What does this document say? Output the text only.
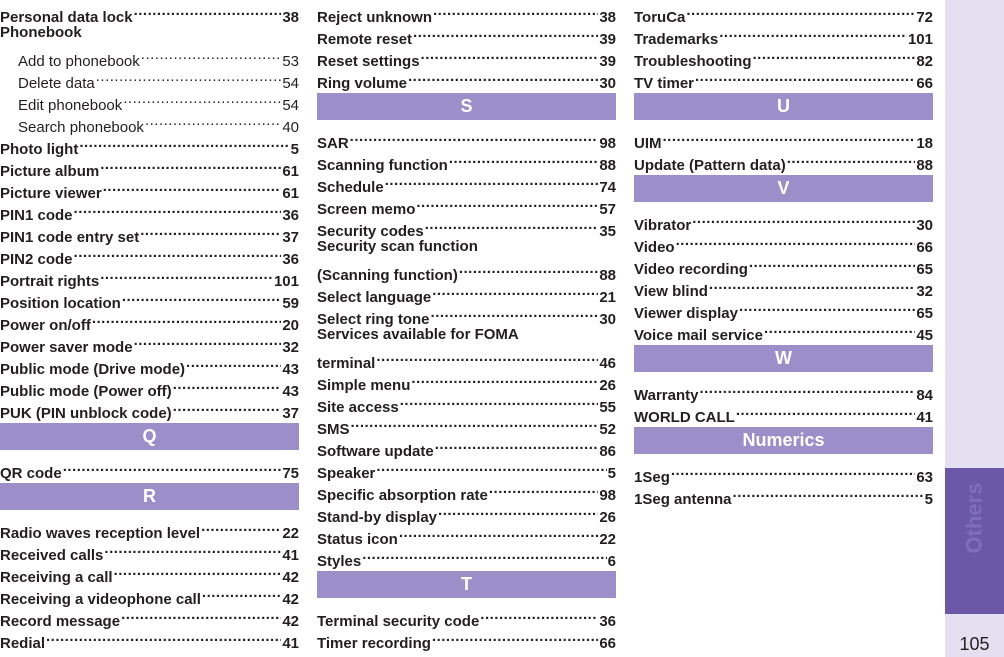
Personal data lock .....	38
Phonebook
Add to phonebook .....	53
Delete data .....	54
Edit phonebook .....	54
Search phonebook .....	40
Photo light .....	5
Picture album .....	61
Picture viewer .....	61
PIN1 code .....	36
PIN1 code entry set .....	37
PIN2 code .....	36
Portrait rights .....	101
Position location .....	59
Power on/off .....	20
Power saver mode .....	32
Public mode (Drive mode) .....	43
Public mode (Power off) .....	43
PUK (PIN unblock code) .....	37
Q
QR code .....	75
R
Radio waves reception level .....	22
Received calls .....	41
Receiving a call .....	42
Receiving a videophone call .....	42
Record message .....	42
Redial .....	41
Reject unknown .....	38
Remote reset .....	39
Reset settings .....	39
Ring volume .....	30
S
SAR .....	98
Scanning function .....	88
Schedule .....	74
Screen memo .....	57
Security codes .....	35
Security scan function
(Scanning function) .....	88
Select language .....	21
Select ring tone .....	30
Services available for FOMA
terminal .....	46
Simple menu .....	26
Site access .....	55
SMS .....	52
Software update .....	86
Speaker .....	5
Specific absorption rate .....	98
Stand-by display .....	26
Status icon .....	22
Styles .....	6
T
Terminal security code .....	36
Timer recording .....	66
ToruCa .....	72
Trademarks .....	101
Troubleshooting .....	82
TV timer .....	66
U
UIM .....	18
Update (Pattern data) .....	88
V
Vibrator .....	30
Video .....	66
Video recording .....	65
View blind .....	32
Viewer display .....	65
Voice mail service .....	45
W
Warranty .....	84
WORLD CALL .....	41
Numerics
1Seg .....	63
1Seg antenna .....	5 Others
105
